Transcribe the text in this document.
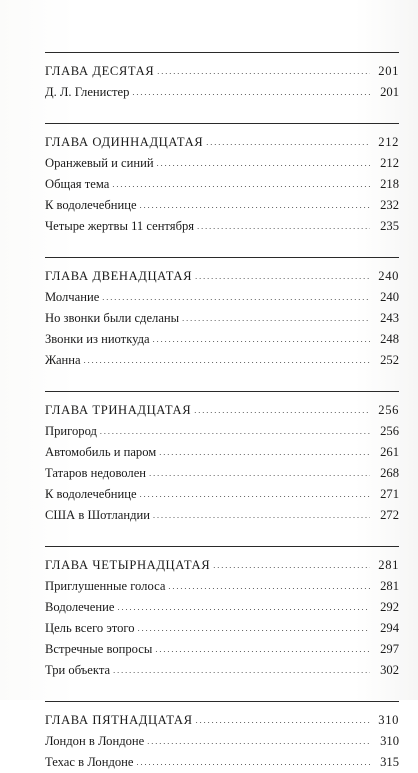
ГЛАВА ДЕСЯТАЯ . . .	201
Д. Л. Гленистер . . .	201
ГЛАВА ОДИННАДЦАТАЯ . . .	212
Оранжевый и синий . . .	212
Общая тема . . .	218
К водолечебнице . . .	232
Четыре жертвы 11 сентября . . .	235
ГЛАВА ДВЕНАДЦАТАЯ . . .	240
Молчание . . .	240
Но звонки были сделаны . . .	243
Звонки из ниоткуда . . .	248
Жанна . . .	252
ГЛАВА ТРИНАДЦАТАЯ . . .	256
Пригород . . .	256
Автомобиль и паром . . .	261
Татаров недоволен . . .	268
К водолечебнице . . .	271
США в Шотландии . . .	272
ГЛАВА ЧЕТЫРНАДЦАТАЯ . . .	281
Приглушенные голоса . . .	281
Водолечение . . .	292
Цель всего этого . . .	294
Встречные вопросы . . .	297
Три объекта . . .	302
ГЛАВА ПЯТНАДЦАТАЯ . . .	310
Лондон в Лондоне . . .	310
Техас в Лондоне . . .	315
